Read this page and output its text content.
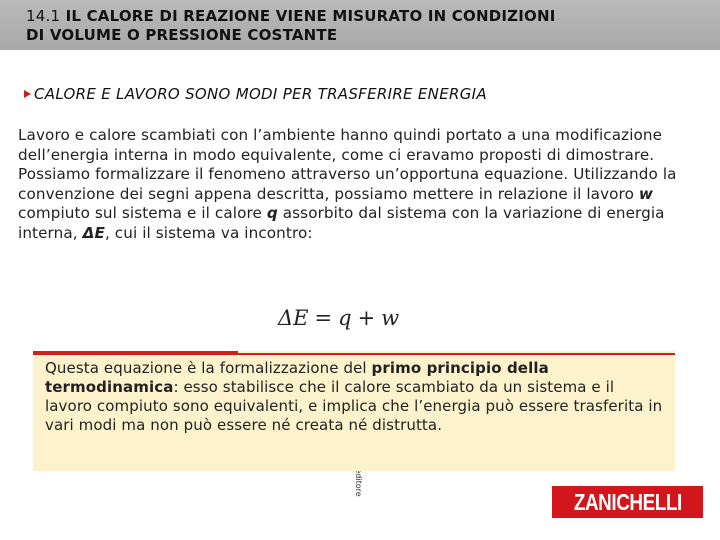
14.1 IL CALORE DI REAZIONE VIENE MISURATO IN CONDIZIONI
DI VOLUME O PRESSIONE COSTANTE
CALORE E LAVORO SONO MODI PER TRASFERIRE ENERGIA

Lavoro e calore scambiati con l’ambiente hanno quindi portato a una modificazione dell’energia interna in modo equivalente, come ci eravamo proposti di dimostrare.

Possiamo formalizzare il fenomeno attraverso un’opportuna equazione. Utilizzando la convenzione dei segni appena descritta, possiamo mettere in relazione il lavoro w compiuto sul sistema e il calore q assorbito dal sistema con la variazione di energia interna, ΔE, cui il sistema va incontro:

ΔE = q + w

Questa equazione è la formalizzazione del primo principio della termodinamica: esso stabilisce che il calore scambiato da un sistema e il lavoro compiuto sono equivalenti, e implica che l’energia può essere trasferita in vari modi ma non può essere né creata né distrutta.

ZANICHELLI
